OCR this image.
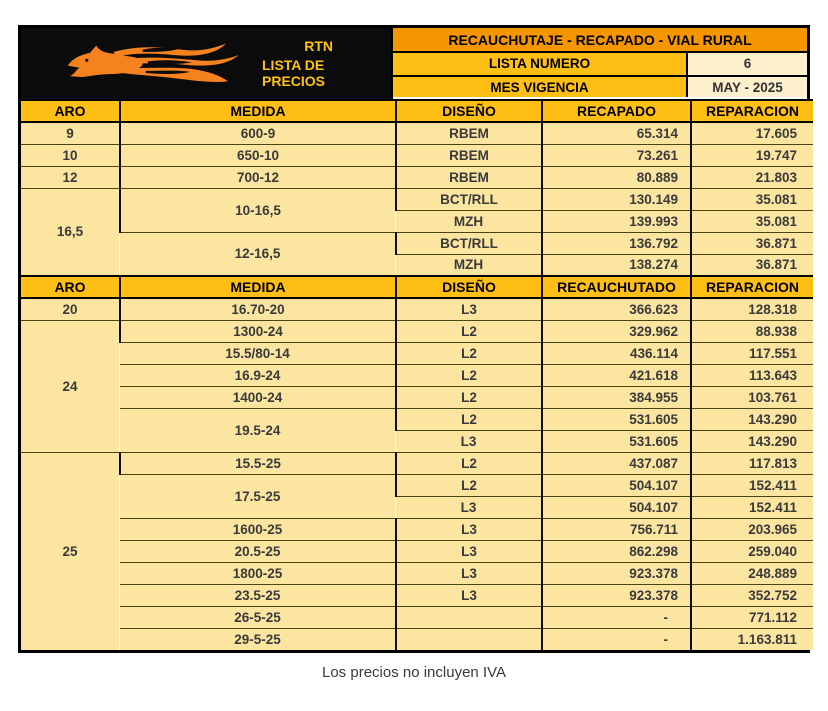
RTN
LISTA DE PRECIOS
RECAUCHUTAJE - RECAPADO - VIAL RURAL
LISTA NUMERO	6
MES VIGENCIA	MAY - 2025
ARO	MEDIDA	DISEÑO	RECAPADO	REPARACION
9	600-9	RBEM	65.314	17.605
10	650-10	RBEM	73.261	19.747
12	700-12	RBEM	80.889	21.803
16,5	10-16,5	BCT/RLL	130.149	35.081
		MZH	139.993	35.081
	12-16,5	BCT/RLL	136.792	36.871
		MZH	138.274	36.871
ARO	MEDIDA	DISEÑO	RECAUCHUTADO	REPARACION
20	16.70-20	L3	366.623	128.318
24	1300-24	L2	329.962	88.938
	15.5/80-14	L2	436.114	117.551
	16.9-24	L2	421.618	113.643
	1400-24	L2	384.955	103.761
	19.5-24	L2	531.605	143.290
		L3	531.605	143.290
25	15.5-25	L2	437.087	117.813
	17.5-25	L2	504.107	152.411
		L3	504.107	152.411
	1600-25	L3	756.711	203.965
	20.5-25	L3	862.298	259.040
	1800-25	L3	923.378	248.889
	23.5-25	L3	923.378	352.752
	26-5-25		-	771.112
	29-5-25		-	1.163.811
Los precios no incluyen IVA
